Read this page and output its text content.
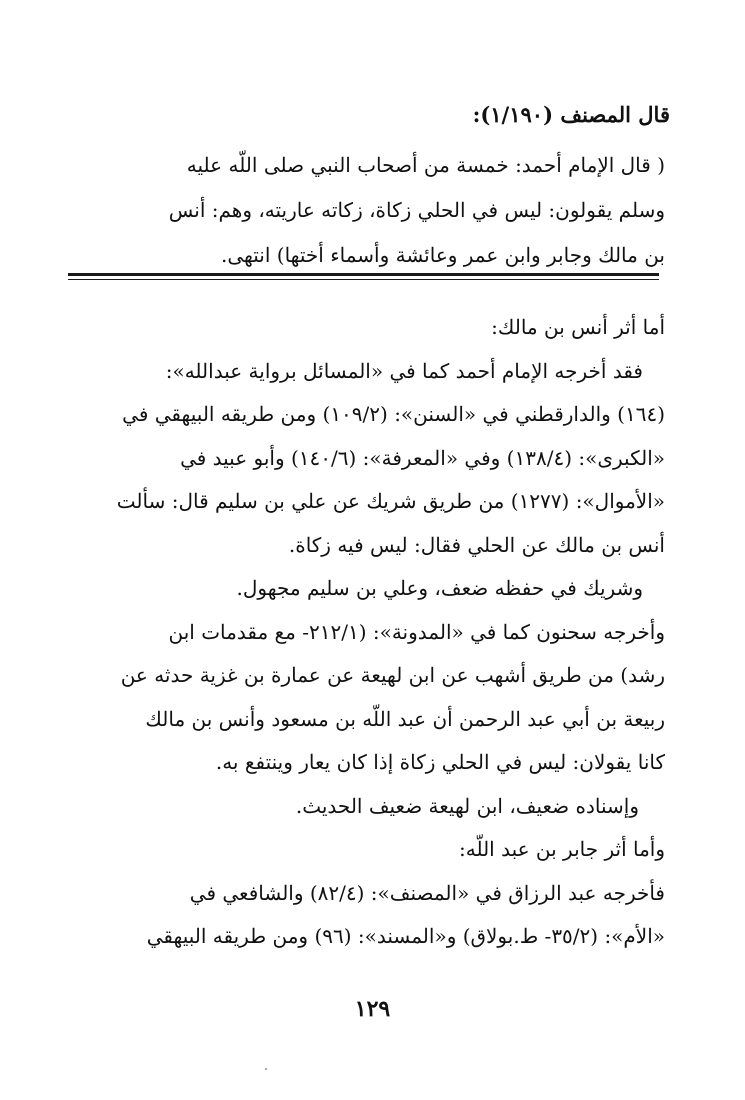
قال المصنف (١/١٩٠):
( قال الإمام أحمد: خمسة من أصحاب النبي صلى اللّه عليه
وسلم يقولون: ليس في الحلي زكاة، زكاته عاريته، وهم: أنس
بن مالك وجابر وابن عمر وعائشة وأسماء أختها) انتهى.
أما أثر أنس بن مالك:
فقد أخرجه الإمام أحمد كما في «المسائل برواية عبدالله»:
(١٦٤) والدارقطني في «السنن»: (١٠٩/٢) ومن طريقه البيهقي في
«الكبرى»: (١٣٨/٤) وفي «المعرفة»: (١٤٠/٦) وأبو عبيد في
«الأموال»: (١٢٧٧) من طريق شريك عن علي بن سليم قال: سألت
أنس بن مالك عن الحلي فقال: ليس فيه زكاة.
وشريك في حفظه ضعف، وعلي بن سليم مجهول.
وأخرجه سحنون كما في «المدونة»: (٢١٢/١- مع مقدمات ابن
رشد) من طريق أشهب عن ابن لهيعة عن عمارة بن غزية حدثه عن
ربيعة بن أبي عبد الرحمن أن عبد اللّه بن مسعود وأنس بن مالك
كانا يقولان: ليس في الحلي زكاة إذا كان يعار وينتفع به.
وإسناده ضعيف، ابن لهيعة ضعيف الحديث.
وأما أثر جابر بن عبد اللّه:
فأخرجه عبد الرزاق في «المصنف»: (٨٢/٤) والشافعي في
«الأم»: (٣٥/٢- ط.بولاق) و«المسند»: (٩٦) ومن طريقه البيهقي
١٢٩
